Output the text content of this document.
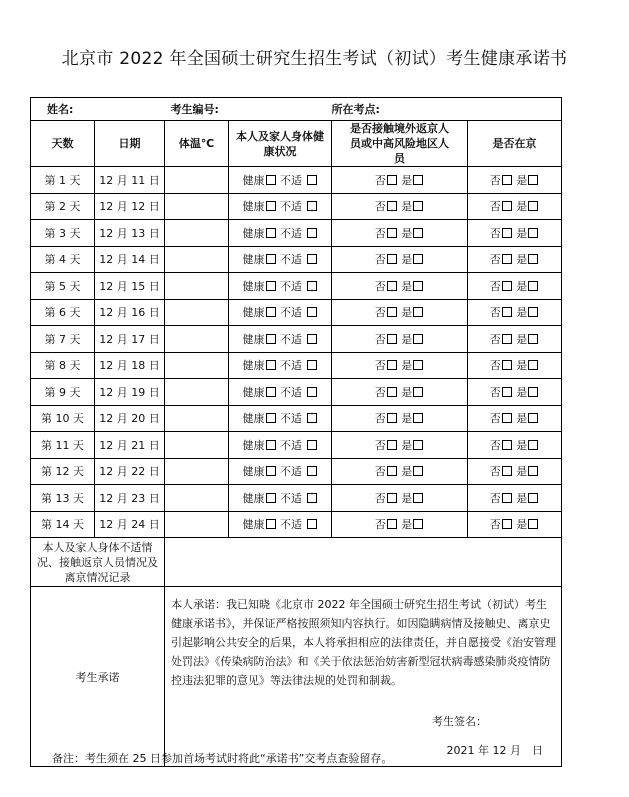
北京市 2022 年全国硕士研究生招生考试（初试）考生健康承诺书
姓名:		考生编号:		所在考点:	
天数	日期	体温℃	本人及家人身体健康状况	是否接触境外返京人员或中高风险地区人员	是否在京
第 1 天	12 月 11 日		健康 不适	否 是	否 是
第 2 天	12 月 12 日		健康 不适	否 是	否 是
第 3 天	12 月 13 日		健康 不适	否 是	否 是
第 4 天	12 月 14 日		健康 不适	否 是	否 是
第 5 天	12 月 15 日		健康 不适	否 是	否 是
第 6 天	12 月 16 日		健康 不适	否 是	否 是
第 7 天	12 月 17 日		健康 不适	否 是	否 是
第 8 天	12 月 18 日		健康 不适	否 是	否 是
第 9 天	12 月 19 日		健康 不适	否 是	否 是
第 10 天	12 月 20 日		健康 不适	否 是	否 是
第 11 天	12 月 21 日		健康 不适	否 是	否 是
第 12 天	12 月 22 日		健康 不适	否 是	否 是
第 13 天	12 月 23 日		健康 不适	否 是	否 是
第 14 天	12 月 24 日		健康 不适	否 是	否 是
本人及家人身体不适情况、接触返京人员情况及离京情况记录					
考生承诺		本人承诺：我已知晓《北京市 2022 年全国硕士研究生招生考试（初试）考生健康承诺书》，并保证严格按照须知内容执行。如因隐瞒病情及接触史、离京史引起影响公共安全的后果，本人将承担相应的法律责任，并自愿接受《治安管理处罚法》《传染病防治法》和《关于依法惩治妨害新型冠状病毒感染肺炎疫情防控违法犯罪的意见》等法律法规的处罚和制裁。
考生签名：
2021 年 12 月　日			
备注：考生须在 25 日参加首场考试时将此“承诺书”交考点查验留存。
